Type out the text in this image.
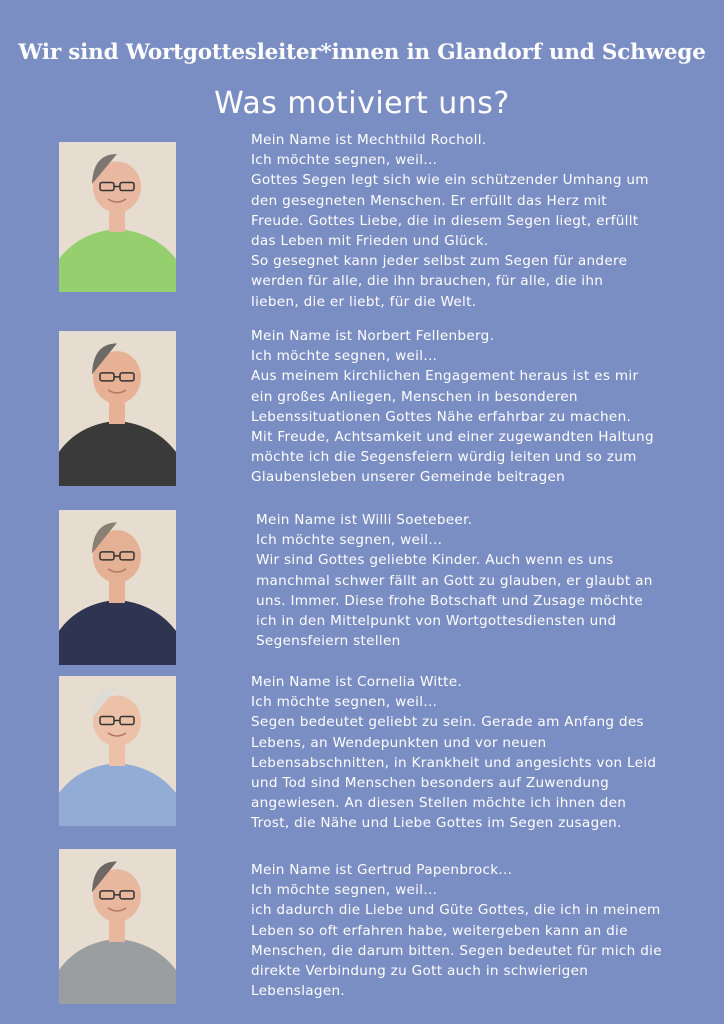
Wir sind Wortgottesleiter*innen in Glandorf und Schwege
Was motiviert uns?
Mein Name ist Mechthild Rocholl.
Ich möchte segnen, weil...
Gottes Segen legt sich wie ein schützender Umhang um
den gesegneten Menschen. Er erfüllt das Herz mit
Freude. Gottes Liebe, die in diesem Segen liegt, erfüllt
das Leben mit Frieden und Glück.
So gesegnet kann jeder selbst zum Segen für andere
werden für alle, die ihn brauchen, für alle, die ihn
lieben, die er liebt, für die Welt.
Mein Name ist Norbert Fellenberg.
Ich möchte segnen, weil...
Aus meinem kirchlichen Engagement heraus ist es mir
ein großes Anliegen, Menschen in besonderen
Lebenssituationen Gottes Nähe erfahrbar zu machen.
Mit Freude, Achtsamkeit und einer zugewandten Haltung
möchte ich die Segensfeiern würdig leiten und so zum
Glaubensleben unserer Gemeinde beitragen
Mein Name ist Willi Soetebeer.
Ich möchte segnen, weil...
Wir sind Gottes geliebte Kinder. Auch wenn es uns
manchmal schwer fällt an Gott zu glauben, er glaubt an
uns. Immer. Diese frohe Botschaft und Zusage möchte
ich in den Mittelpunkt von Wortgottesdiensten und
Segensfeiern stellen
Mein Name ist Cornelia Witte.
Ich möchte segnen, weil...
Segen bedeutet geliebt zu sein. Gerade am Anfang des
Lebens, an Wendepunkten und vor neuen
Lebensabschnitten, in Krankheit und angesichts von Leid
und Tod sind Menschen besonders auf Zuwendung
angewiesen. An diesen Stellen möchte ich ihnen den
Trost, die Nähe und Liebe Gottes im Segen zusagen.
Mein Name ist Gertrud Papenbrock...
Ich möchte segnen, weil...
ich dadurch die Liebe und Güte Gottes, die ich in meinem
Leben so oft erfahren habe, weitergeben kann an die
Menschen, die darum bitten. Segen bedeutet für mich die
direkte Verbindung zu Gott auch in schwierigen
Lebenslagen.
